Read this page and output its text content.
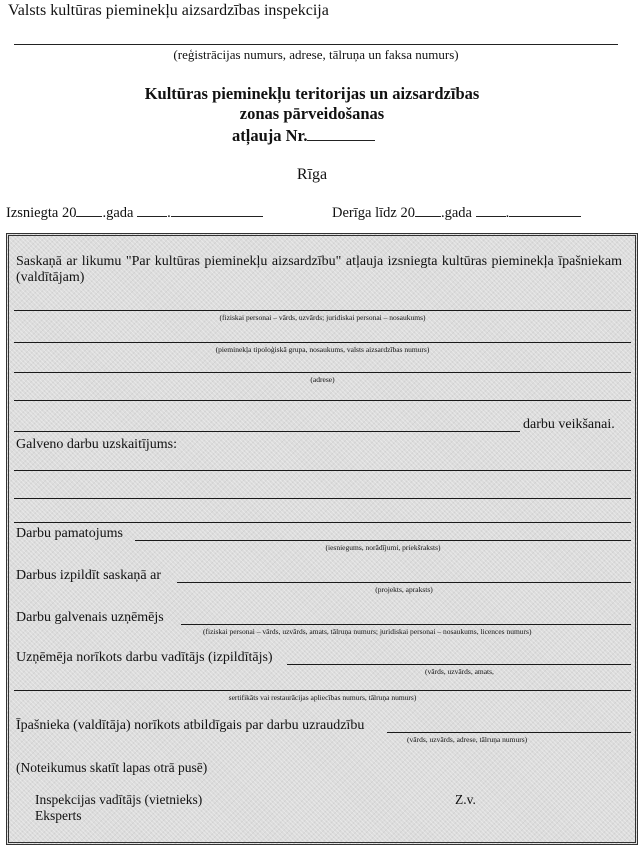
Valsts kultūras pieminekļu aizsardzības inspekcija
(reģistrācijas numurs, adrese, tālruņa un faksa numurs)
Kultūras pieminekļu teritorijas un aizsardzības
zonas pārveidošanas
atļauja Nr.
Rīga
Izsniegta 20 .gada .	Derīga līdz 20 .gada .
Saskaņā ar likumu "Par kultūras pieminekļu aizsardzību" atļauja izsniegta kultūras pieminekļa īpašniekam (valdītājam)
(fiziskai personai – vārds, uzvārds; juridiskai personai – nosaukums)
(pieminekļa tipoloģiskā grupa, nosaukums, valsts aizsardzības numurs)
(adrese)
darbu veikšanai.
Galveno darbu uzskaitījums:
Darbu pamatojums
(iesniegums, norādījumi, priekšraksts)
Darbus izpildīt saskaņā ar
(projekts, apraksts)
Darbu galvenais uzņēmējs
(fiziskai personai – vārds, uzvārds, amats, tālruņa numurs; juridiskai personai – nosaukums, licences numurs)
Uzņēmēja norīkots darbu vadītājs (izpildītājs)
(vārds, uzvārds, amats,
sertifikāts vai restaurācijas apliecības numurs, tālruņa numurs)
Īpašnieka (valdītāja) norīkots atbildīgais par darbu uzraudzību
(vārds, uzvārds, adrese, tālruņa numurs)
(Noteikumus skatīt lapas otrā pusē)
Inspekcijas vadītājs (vietnieks)	Z.v.
Eksperts
